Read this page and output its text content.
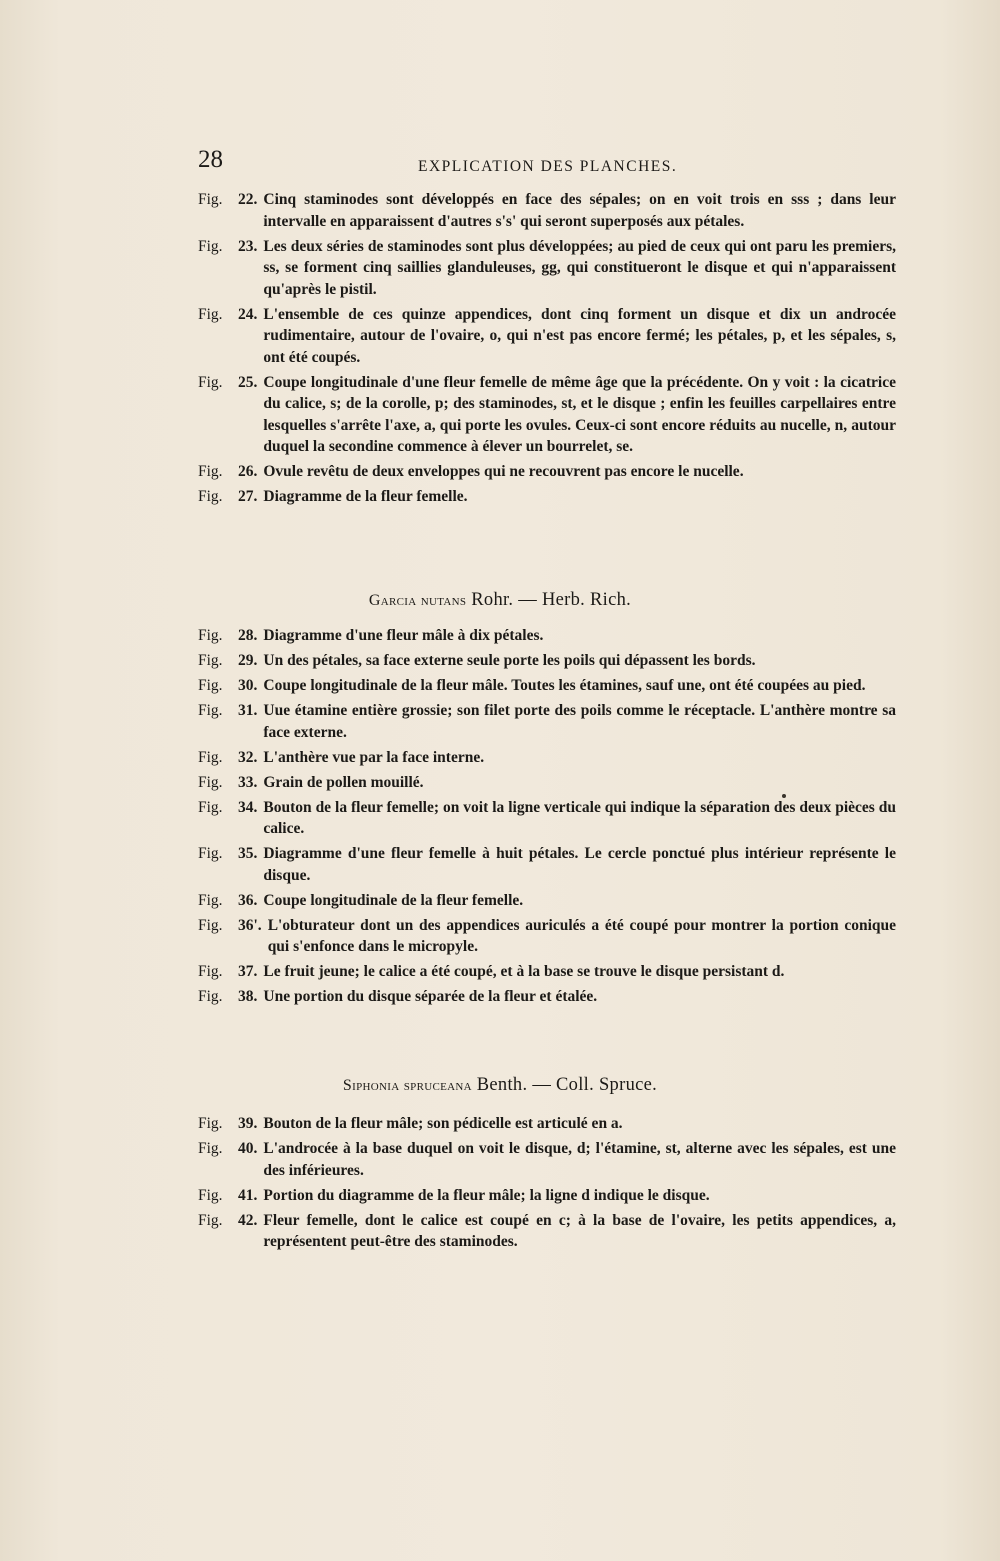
28	EXPLICATION DES PLANCHES.
Fig. 22. Cinq staminodes sont développés en face des sépales; on en voit trois en sss ; dans leur intervalle en apparaissent d'autres s's' qui seront superposés aux pétales.
Fig. 23. Les deux séries de staminodes sont plus développées; au pied de ceux qui ont paru les premiers, ss, se forment cinq saillies glanduleuses, gg, qui constitueront le disque et qui n'apparaissent qu'après le pistil.
Fig. 24. L'ensemble de ces quinze appendices, dont cinq forment un disque et dix un androcée rudimentaire, autour de l'ovaire, o, qui n'est pas encore fermé; les pétales, p, et les sépales, s, ont été coupés.
Fig. 25. Coupe longitudinale d'une fleur femelle de même âge que la précédente. On y voit : la cicatrice du calice, s; de la corolle, p; des staminodes, st, et le disque ; enfin les feuilles carpellaires entre lesquelles s'arrête l'axe, a, qui porte les ovules. Ceux-ci sont encore réduits au nucelle, n, autour duquel la secondine commence à élever un bourrelet, se.
Fig. 26. Ovule revêtu de deux enveloppes qui ne recouvrent pas encore le nucelle.
Fig. 27. Diagramme de la fleur femelle.
Garcia nutans Rohr. — Herb. Rich.
Fig. 28. Diagramme d'une fleur mâle à dix pétales.
Fig. 29. Un des pétales, sa face externe seule porte les poils qui dépassent les bords.
Fig. 30. Coupe longitudinale de la fleur mâle. Toutes les étamines, sauf une, ont été coupées au pied.
Fig. 31. Uue étamine entière grossie; son filet porte des poils comme le réceptacle. L'anthère montre sa face externe.
Fig. 32. L'anthère vue par la face interne.
Fig. 33. Grain de pollen mouillé.
Fig. 34. Bouton de la fleur femelle; on voit la ligne verticale qui indique la séparation des deux pièces du calice.
Fig. 35. Diagramme d'une fleur femelle à huit pétales. Le cercle ponctué plus intérieur représente le disque.
Fig. 36. Coupe longitudinale de la fleur femelle.
Fig. 36'. L'obturateur dont un des appendices auriculés a été coupé pour montrer la portion conique qui s'enfonce dans le micropyle.
Fig. 37. Le fruit jeune; le calice a été coupé, et à la base se trouve le disque persistant d.
Fig. 38. Une portion du disque séparée de la fleur et étalée.
Siphonia spruceana Benth. — Coll. Spruce.
Fig. 39. Bouton de la fleur mâle; son pédicelle est articulé en a.
Fig. 40. L'androcée à la base duquel on voit le disque, d; l'étamine, st, alterne avec les sépales, est une des inférieures.
Fig. 41. Portion du diagramme de la fleur mâle; la ligne d indique le disque.
Fig. 42. Fleur femelle, dont le calice est coupé en c; à la base de l'ovaire, les petits appendices, a, représentent peut-être des staminodes.
